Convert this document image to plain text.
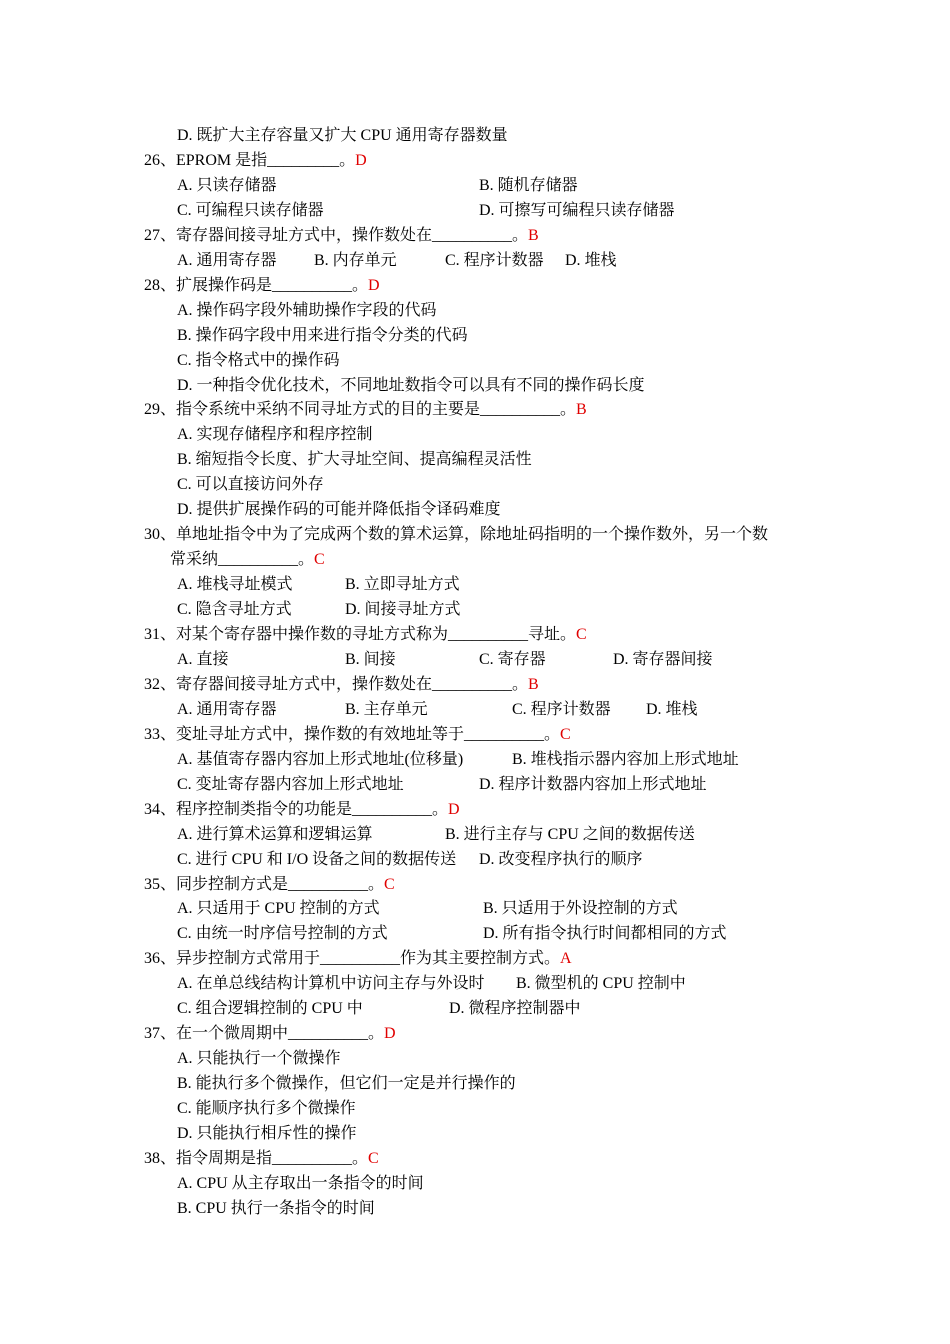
D. 既扩大主存容量又扩大 CPU 通用寄存器数量
26、EPROM 是指_________。D
A. 只读存储器	B. 随机存储器
C. 可编程只读存储器	D. 可擦写可编程只读存储器
27、寄存器间接寻址方式中，操作数处在__________。B
A. 通用寄存器 B. 内存单元	C. 程序计数器 D. 堆栈
28、扩展操作码是__________。D
A. 操作码字段外辅助操作字段的代码
B. 操作码字段中用来进行指令分类的代码
C. 指令格式中的操作码
D. 一种指令优化技术，不同地址数指令可以具有不同的操作码长度
29、指令系统中采纳不同寻址方式的目的主要是__________。B
A. 实现存储程序和程序控制
B. 缩短指令长度、扩大寻址空间、提高编程灵活性
C. 可以直接访问外存
D. 提供扩展操作码的可能并降低指令译码难度
30、单地址指令中为了完成两个数的算术运算，除地址码指明的一个操作数外，另一个数
常采纳__________。C
A. 堆栈寻址模式	B. 立即寻址方式
C. 隐含寻址方式	D. 间接寻址方式
31、对某个寄存器中操作数的寻址方式称为__________寻址。C
A. 直接	B. 间接	C. 寄存器	D. 寄存器间接
32、寄存器间接寻址方式中，操作数处在__________。B
A. 通用寄存器	B. 主存单元	C. 程序计数器 D. 堆栈
33、变址寻址方式中，操作数的有效地址等于__________。C
A. 基值寄存器内容加上形式地址(位移量)	B. 堆栈指示器内容加上形式地址
C. 变址寄存器内容加上形式地址	D. 程序计数器内容加上形式地址
34、程序控制类指令的功能是__________。D
A. 进行算术运算和逻辑运算	B. 进行主存与 CPU 之间的数据传送
C. 进行 CPU 和 I/O 设备之间的数据传送 D. 改变程序执行的顺序
35、同步控制方式是__________。C
A. 只适用于 CPU 控制的方式	B. 只适用于外设控制的方式
C. 由统一时序信号控制的方式	D. 所有指令执行时间都相同的方式
36、异步控制方式常用于__________作为其主要控制方式。A
A. 在单总线结构计算机中访问主存与外设时 B. 微型机的 CPU 控制中
C. 组合逻辑控制的 CPU 中	D. 微程序控制器中
37、在一个微周期中__________。D
A. 只能执行一个微操作
B. 能执行多个微操作，但它们一定是并行操作的
C. 能顺序执行多个微操作
D. 只能执行相斥性的操作
38、指令周期是指__________。C
A. CPU 从主存取出一条指令的时间
B. CPU 执行一条指令的时间
